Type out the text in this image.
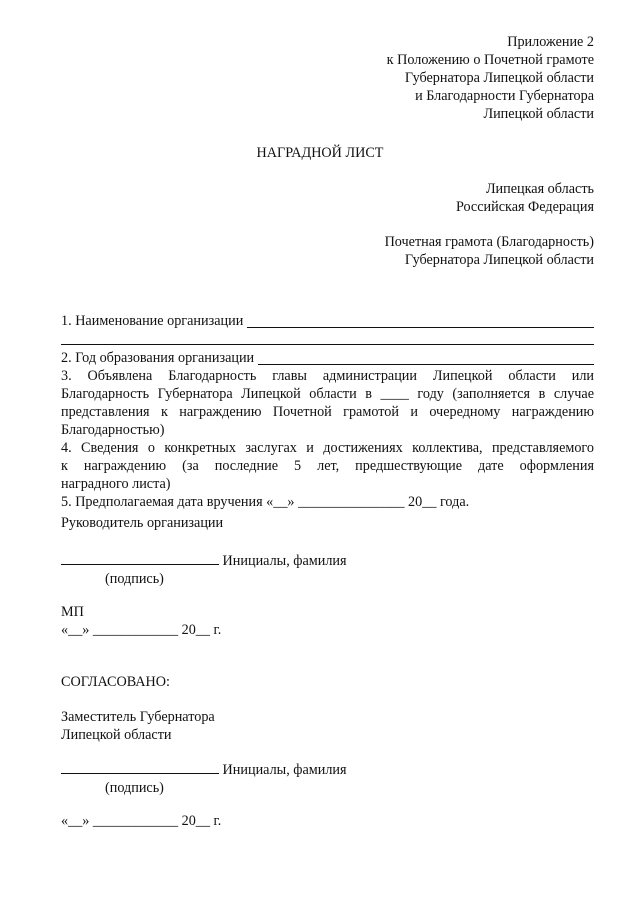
Приложение 2
к Положению о Почетной грамоте
Губернатора Липецкой области
и Благодарности Губернатора
Липецкой области
НАГРАДНОЙ ЛИСТ
Липецкая область
Российская Федерация
Почетная грамота (Благодарность)
Губернатора Липецкой области
1. Наименование организации
2. Год образования организации
3. Объявлена Благодарность главы администрации Липецкой области или
Благодарность Губернатора Липецкой области в ____ году (заполняется в случае
представления к награждению Почетной грамотой и очередному награждению
Благодарностью)
4. Сведения о конкретных заслугах и достижениях коллектива, представляемого
к награждению (за последние 5 лет, предшествующие дате оформления
наградного листа)
5. Предполагаемая дата вручения «__» _______________ 20__ года.
Руководитель организации
Инициалы, фамилия
(подпись)
МП
«__» ____________ 20__ г.
СОГЛАСОВАНО:
Заместитель Губернатора
Липецкой области
Инициалы, фамилия
(подпись)
«__» ____________ 20__ г.
